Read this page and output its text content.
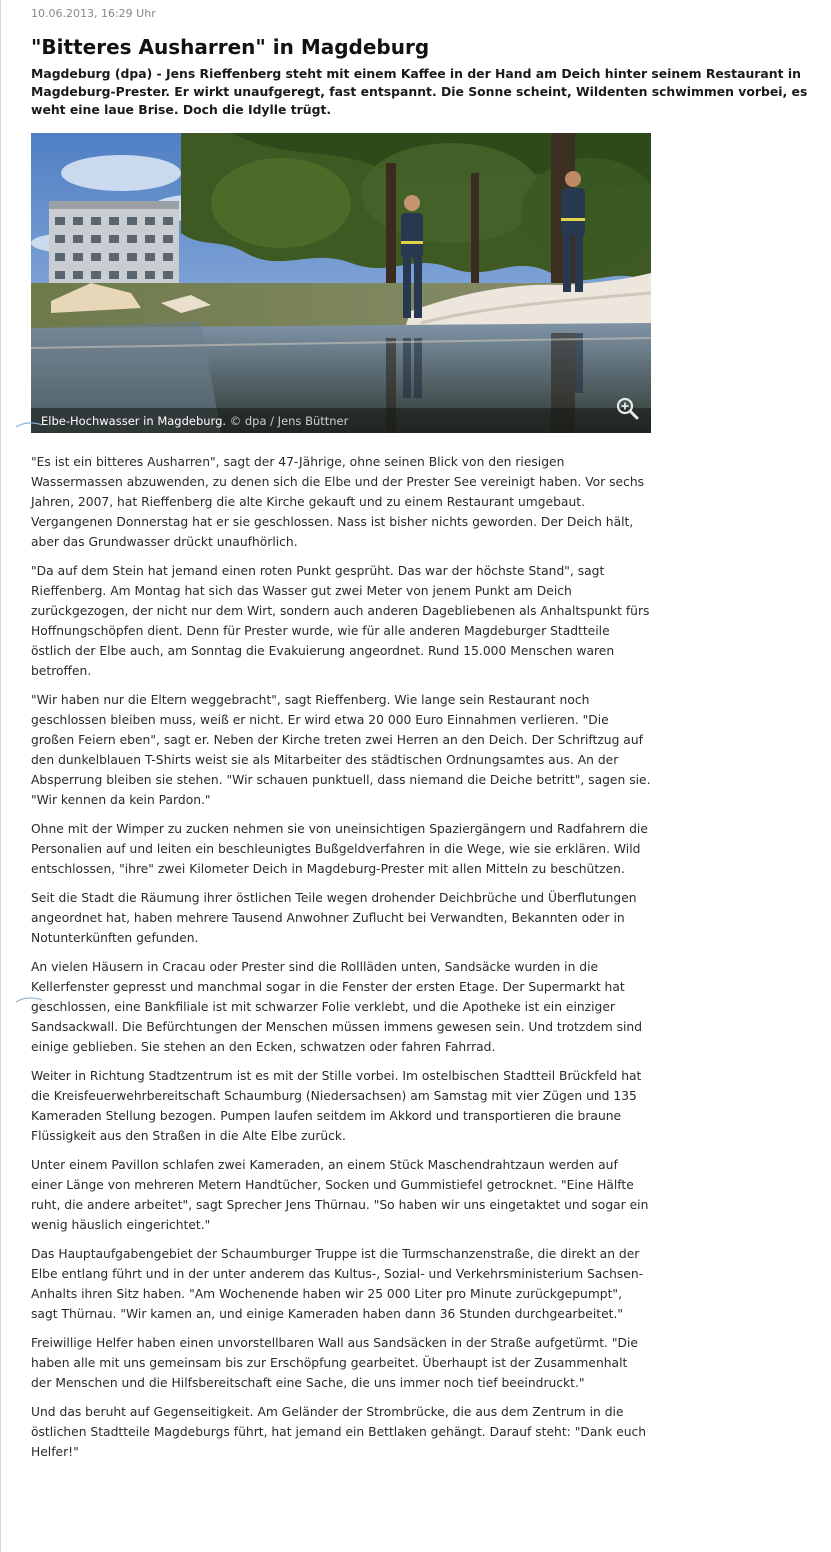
10.06.2013, 16:29 Uhr
"Bitteres Ausharren" in Magdeburg

Magdeburg (dpa) - Jens Rieffenberg steht mit einem Kaffee in der Hand am Deich hinter seinem Restaurant in Magdeburg-Prester. Er wirkt unaufgeregt, fast entspannt. Die Sonne scheint, Wildenten schwimmen vorbei, es weht eine laue Brise. Doch die Idylle trügt.

Elbe-Hochwasser in Magdeburg. © dpa / Jens Büttner

"Es ist ein bitteres Ausharren", sagt der 47-Jährige, ohne seinen Blick von den riesigen Wassermassen abzuwenden, zu denen sich die Elbe und der Prester See vereinigt haben. Vor sechs Jahren, 2007, hat Rieffenberg die alte Kirche gekauft und zu einem Restaurant umgebaut. Vergangenen Donnerstag hat er sie geschlossen. Nass ist bisher nichts geworden. Der Deich hält, aber das Grundwasser drückt unaufhörlich.

"Da auf dem Stein hat jemand einen roten Punkt gesprüht. Das war der höchste Stand", sagt Rieffenberg. Am Montag hat sich das Wasser gut zwei Meter von jenem Punkt am Deich zurückgezogen, der nicht nur dem Wirt, sondern auch anderen Dagebliebenen als Anhaltspunkt fürs Hoffnungschöpfen dient. Denn für Prester wurde, wie für alle anderen Magdeburger Stadtteile östlich der Elbe auch, am Sonntag die Evakuierung angeordnet. Rund 15.000 Menschen waren betroffen.

"Wir haben nur die Eltern weggebracht", sagt Rieffenberg. Wie lange sein Restaurant noch geschlossen bleiben muss, weiß er nicht. Er wird etwa 20 000 Euro Einnahmen verlieren. "Die großen Feiern eben", sagt er. Neben der Kirche treten zwei Herren an den Deich. Der Schriftzug auf den dunkelblauen T-Shirts weist sie als Mitarbeiter des städtischen Ordnungsamtes aus. An der Absperrung bleiben sie stehen. "Wir schauen punktuell, dass niemand die Deiche betritt", sagen sie. "Wir kennen da kein Pardon."

Ohne mit der Wimper zu zucken nehmen sie von uneinsichtigen Spaziergängern und Radfahrern die Personalien auf und leiten ein beschleunigtes Bußgeldverfahren in die Wege, wie sie erklären. Wild entschlossen, "ihre" zwei Kilometer Deich in Magdeburg-Prester mit allen Mitteln zu beschützen.

Seit die Stadt die Räumung ihrer östlichen Teile wegen drohender Deichbrüche und Überflutungen angeordnet hat, haben mehrere Tausend Anwohner Zuflucht bei Verwandten, Bekannten oder in Notunterkünften gefunden.

An vielen Häusern in Cracau oder Prester sind die Rollläden unten, Sandsäcke wurden in die Kellerfenster gepresst und manchmal sogar in die Fenster der ersten Etage. Der Supermarkt hat geschlossen, eine Bankfiliale ist mit schwarzer Folie verklebt, und die Apotheke ist ein einziger Sandsackwall. Die Befürchtungen der Menschen müssen immens gewesen sein. Und trotzdem sind einige geblieben. Sie stehen an den Ecken, schwatzen oder fahren Fahrrad.

Weiter in Richtung Stadtzentrum ist es mit der Stille vorbei. Im ostelbischen Stadtteil Brückfeld hat die Kreisfeuerwehrbereitschaft Schaumburg (Niedersachsen) am Samstag mit vier Zügen und 135 Kameraden Stellung bezogen. Pumpen laufen seitdem im Akkord und transportieren die braune Flüssigkeit aus den Straßen in die Alte Elbe zurück.

Unter einem Pavillon schlafen zwei Kameraden, an einem Stück Maschendrahtzaun werden auf einer Länge von mehreren Metern Handtücher, Socken und Gummistiefel getrocknet. "Eine Hälfte ruht, die andere arbeitet", sagt Sprecher Jens Thürnau. "So haben wir uns eingetaktet und sogar ein wenig häuslich eingerichtet."

Das Hauptaufgabengebiet der Schaumburger Truppe ist die Turmschanzenstraße, die direkt an der Elbe entlang führt und in der unter anderem das Kultus-, Sozial- und Verkehrsministerium Sachsen-Anhalts ihren Sitz haben. "Am Wochenende haben wir 25 000 Liter pro Minute zurückgepumpt", sagt Thürnau. "Wir kamen an, und einige Kameraden haben dann 36 Stunden durchgearbeitet."

Freiwillige Helfer haben einen unvorstellbaren Wall aus Sandsäcken in der Straße aufgetürmt. "Die haben alle mit uns gemeinsam bis zur Erschöpfung gearbeitet. Überhaupt ist der Zusammenhalt der Menschen und die Hilfsbereitschaft eine Sache, die uns immer noch tief beeindruckt."

Und das beruht auf Gegenseitigkeit. Am Geländer der Strombrücke, die aus dem Zentrum in die östlichen Stadtteile Magdeburgs führt, hat jemand ein Bettlaken gehängt. Darauf steht: "Dank euch Helfer!"
